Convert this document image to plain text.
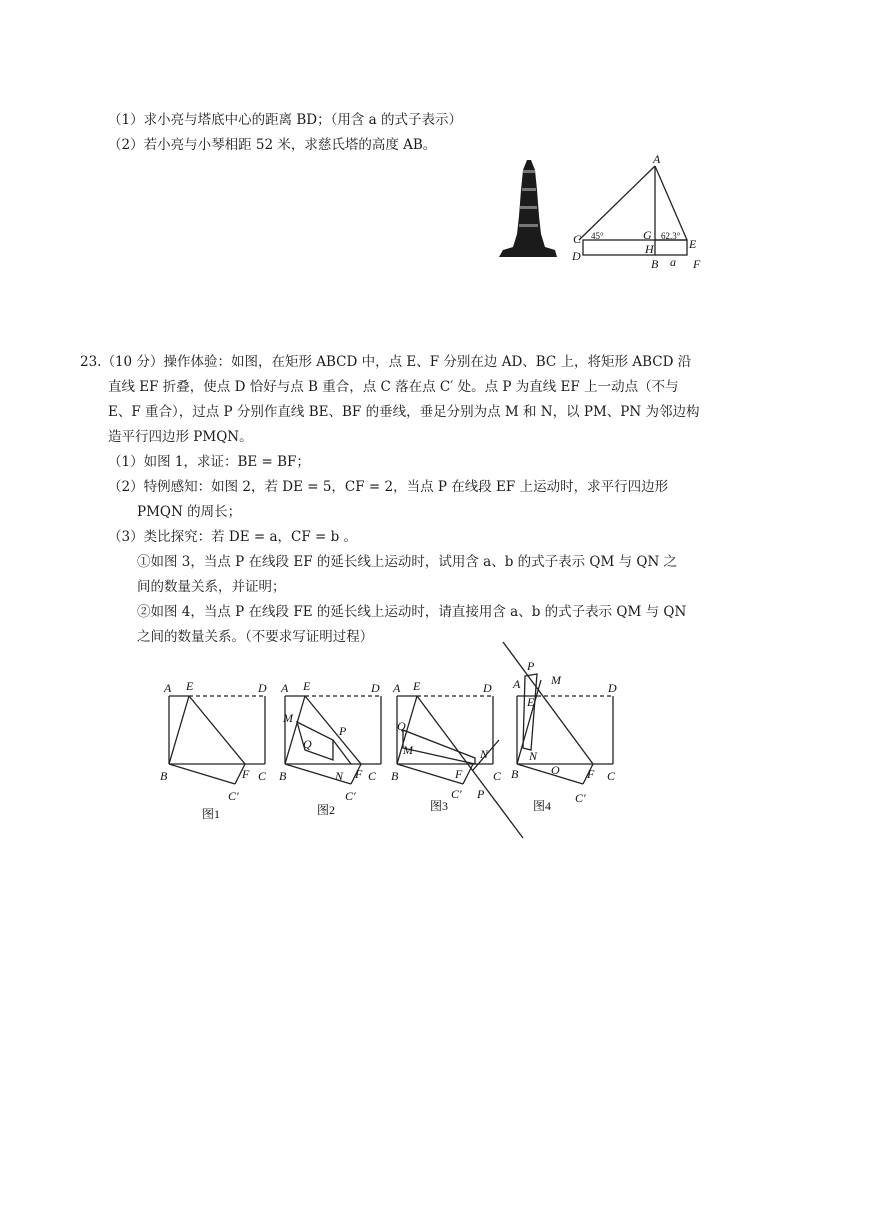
（1）求小亮与塔底中心的距离 BD；（用含 a 的式子表示）
（2）若小亮与小琴相距 52 米，求慈氏塔的高度 AB。
A
G
C
H	E
D
B	F
a
45°	62.3°
23.（10 分）操作体验：如图，在矩形 ABCD 中，点 E、F 分别在边 AD、BC 上，将矩形 ABCD 沿
直线 EF 折叠，使点 D 恰好与点 B 重合，点 C 落在点 C′ 处。点 P 为直线 EF 上一动点（不与
E、F 重合），过点 P 分别作直线 BE、BF 的垂线，垂足分别为点 M 和 N，以 PM、PN 为邻边构
造平行四边形 PMQN。
（1）如图 1，求证：BE = BF；
（2）特例感知：如图 2，若 DE = 5，CF = 2，当点 P 在线段 EF 上运动时，求平行四边形
PMQN 的周长；
（3）类比探究：若 DE = a，CF = b 。
①如图 3，当点 P 在线段 EF 的延长线上运动时，试用含 a、b 的式子表示 QM 与 QN 之
间的数量关系，并证明；
②如图 4，当点 P 在线段 FE 的延长线上运动时，请直接用含 a、b 的式子表示 QM 与 QN
之间的数量关系。（不要求写证明过程）
A E	D
B	F C
C′
图1
A E	D
M
P
Q
B	N F C
C′
图2
A E	D
Q
M	N
B	F	C
C′ P
图3
A
P
M
E
D
N
B	O F C
C′
图4
